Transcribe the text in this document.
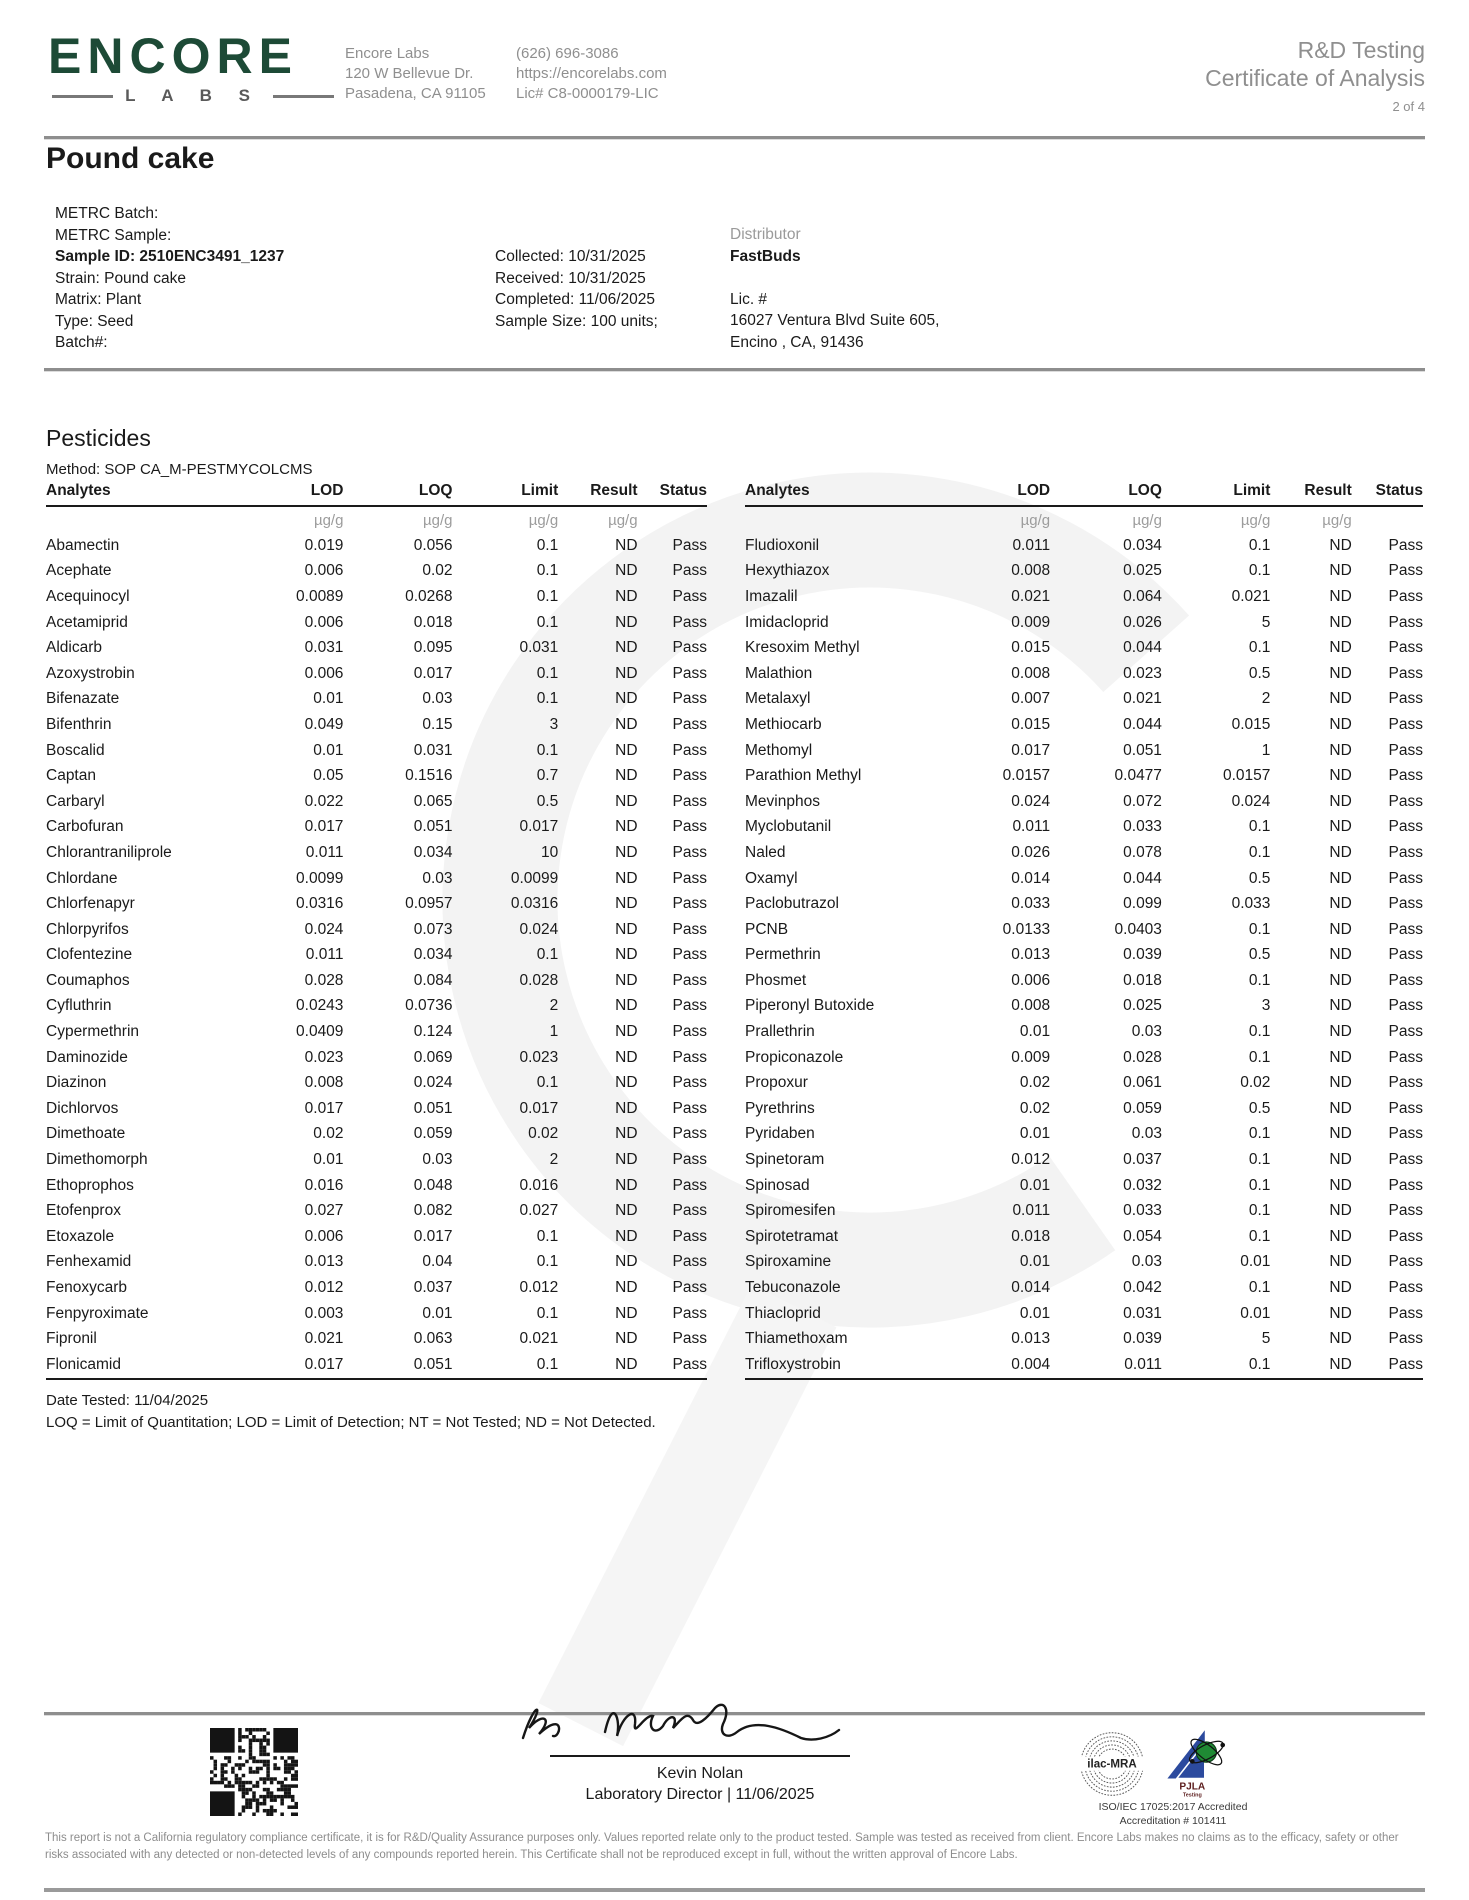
ENCORE
L A B S
Encore Labs
120 W Bellevue Dr.
Pasadena, CA 91105
(626) 696-3086
https://encorelabs.com
Lic# C8-0000179-LIC
R&D Testing
Certificate of Analysis
2 of 4
Pound cake
METRC Batch:
METRC Sample:
Sample ID: 2510ENC3491_1237
Strain: Pound cake
Matrix: Plant
Type: Seed
Batch#:
Collected: 10/31/2025
Received: 10/31/2025
Completed: 11/06/2025
Sample Size: 100 units;
Distributor
FastBuds

Lic. #
16027 Ventura Blvd Suite 605,
Encino , CA, 91436
Pesticides
Method: SOP CA_M-PESTMYCOLCMS
Analytes	LOD	LOQ	Limit	Result	Status
	µg/g	µg/g	µg/g	µg/g	
Abamectin	0.019	0.056	0.1	ND	Pass
Acephate	0.006	0.02	0.1	ND	Pass
Acequinocyl	0.0089	0.0268	0.1	ND	Pass
Acetamiprid	0.006	0.018	0.1	ND	Pass
Aldicarb	0.031	0.095	0.031	ND	Pass
Azoxystrobin	0.006	0.017	0.1	ND	Pass
Bifenazate	0.01	0.03	0.1	ND	Pass
Bifenthrin	0.049	0.15	3	ND	Pass
Boscalid	0.01	0.031	0.1	ND	Pass
Captan	0.05	0.1516	0.7	ND	Pass
Carbaryl	0.022	0.065	0.5	ND	Pass
Carbofuran	0.017	0.051	0.017	ND	Pass
Chlorantraniliprole	0.011	0.034	10	ND	Pass
Chlordane	0.0099	0.03	0.0099	ND	Pass
Chlorfenapyr	0.0316	0.0957	0.0316	ND	Pass
Chlorpyrifos	0.024	0.073	0.024	ND	Pass
Clofentezine	0.011	0.034	0.1	ND	Pass
Coumaphos	0.028	0.084	0.028	ND	Pass
Cyfluthrin	0.0243	0.0736	2	ND	Pass
Cypermethrin	0.0409	0.124	1	ND	Pass
Daminozide	0.023	0.069	0.023	ND	Pass
Diazinon	0.008	0.024	0.1	ND	Pass
Dichlorvos	0.017	0.051	0.017	ND	Pass
Dimethoate	0.02	0.059	0.02	ND	Pass
Dimethomorph	0.01	0.03	2	ND	Pass
Ethoprophos	0.016	0.048	0.016	ND	Pass
Etofenprox	0.027	0.082	0.027	ND	Pass
Etoxazole	0.006	0.017	0.1	ND	Pass
Fenhexamid	0.013	0.04	0.1	ND	Pass
Fenoxycarb	0.012	0.037	0.012	ND	Pass
Fenpyroximate	0.003	0.01	0.1	ND	Pass
Fipronil	0.021	0.063	0.021	ND	Pass
Flonicamid	0.017	0.051	0.1	ND	Pass
Analytes	LOD	LOQ	Limit	Result	Status
	µg/g	µg/g	µg/g	µg/g	
Fludioxonil	0.011	0.034	0.1	ND	Pass
Hexythiazox	0.008	0.025	0.1	ND	Pass
Imazalil	0.021	0.064	0.021	ND	Pass
Imidacloprid	0.009	0.026	5	ND	Pass
Kresoxim Methyl	0.015	0.044	0.1	ND	Pass
Malathion	0.008	0.023	0.5	ND	Pass
Metalaxyl	0.007	0.021	2	ND	Pass
Methiocarb	0.015	0.044	0.015	ND	Pass
Methomyl	0.017	0.051	1	ND	Pass
Parathion Methyl	0.0157	0.0477	0.0157	ND	Pass
Mevinphos	0.024	0.072	0.024	ND	Pass
Myclobutanil	0.011	0.033	0.1	ND	Pass
Naled	0.026	0.078	0.1	ND	Pass
Oxamyl	0.014	0.044	0.5	ND	Pass
Paclobutrazol	0.033	0.099	0.033	ND	Pass
PCNB	0.0133	0.0403	0.1	ND	Pass
Permethrin	0.013	0.039	0.5	ND	Pass
Phosmet	0.006	0.018	0.1	ND	Pass
Piperonyl Butoxide	0.008	0.025	3	ND	Pass
Prallethrin	0.01	0.03	0.1	ND	Pass
Propiconazole	0.009	0.028	0.1	ND	Pass
Propoxur	0.02	0.061	0.02	ND	Pass
Pyrethrins	0.02	0.059	0.5	ND	Pass
Pyridaben	0.01	0.03	0.1	ND	Pass
Spinetoram	0.012	0.037	0.1	ND	Pass
Spinosad	0.01	0.032	0.1	ND	Pass
Spiromesifen	0.011	0.033	0.1	ND	Pass
Spirotetramat	0.018	0.054	0.1	ND	Pass
Spiroxamine	0.01	0.03	0.01	ND	Pass
Tebuconazole	0.014	0.042	0.1	ND	Pass
Thiacloprid	0.01	0.031	0.01	ND	Pass
Thiamethoxam	0.013	0.039	5	ND	Pass
Trifloxystrobin	0.004	0.011	0.1	ND	Pass
Date Tested: 11/04/2025
LOQ = Limit of Quantitation; LOD = Limit of Detection; NT = Not Tested; ND = Not Detected.
Kevin Nolan
Laboratory Director | 11/06/2025
ilac-MRA
PJLA
Testing
ISO/IEC 17025:2017 Accredited
Accreditation # 101411
This report is not a California regulatory compliance certificate, it is for R&D/Quality Assurance purposes only. Values reported relate only to the product tested. Sample was tested as received from client. Encore Labs makes no claims as to the efficacy, safety or other risks associated with any detected or non-detected levels of any compounds reported herein. This Certificate shall not be reproduced except in full, without the written approval of Encore Labs.
